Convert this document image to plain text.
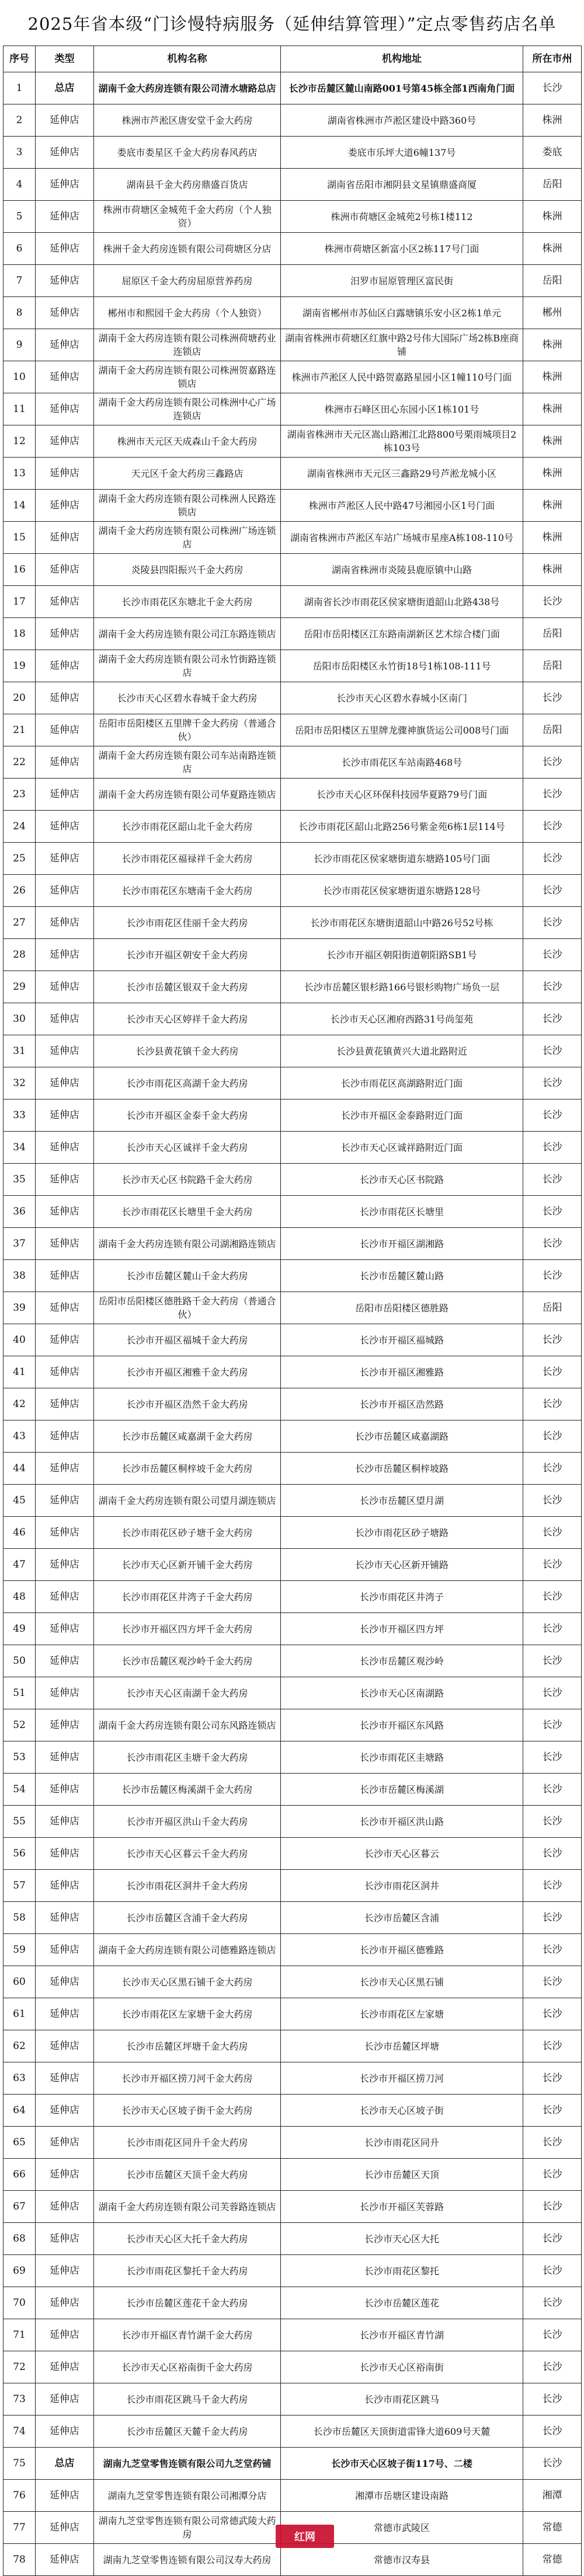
2025年省本级“门诊慢特病服务（延伸结算管理）”定点零售药店名单
序号	类型	机构名称	机构地址	所在市州
1	总店	湖南千金大药房连锁有限公司清水塘路总店	长沙市岳麓区麓山南路001号第45栋全部1西南角门面	长沙
2	延伸店	株洲市芦淞区唐安堂千金大药房	湖南省株洲市芦淞区建设中路360号	株洲
3	延伸店	娄底市娄星区千金大药房春风药店	娄底市乐坪大道6幢137号	娄底
4	延伸店	湖南县千金大药房鼎盛百货店	湖南省岳阳市湘阴县文星镇鼎盛商厦	岳阳
5	延伸店	株洲市荷塘区金城苑千金大药房（个人独资）	株洲市荷塘区金城苑2号栋1楼112	株洲
6	延伸店	株洲千金大药房连锁有限公司荷塘区分店	株洲市荷塘区新富小区2栋117号门面	株洲
7	延伸店	屈原区千金大药房屈原营养药房	汨罗市屈原管理区富民街	岳阳
8	延伸店	郴州市和熙园千金大药房（个人独资）	湖南省郴州市苏仙区白露塘镇乐安小区2栋1单元	郴州
9	延伸店	湖南千金大药房连锁有限公司株洲荷塘药业连锁店	湖南省株洲市荷塘区红旗中路2号伟大国际广场2栋B座商铺	株洲
10	延伸店	湖南千金大药房连锁有限公司株洲贺嘉路连锁店	株洲市芦淞区人民中路贺嘉路星园小区1幢110号门面	株洲
11	延伸店	湖南千金大药房连锁有限公司株洲中心广场连锁店	株洲市石峰区田心东园小区1栋101号	株洲
12	延伸店	株洲市天元区天成森山千金大药房	湖南省株洲市天元区嵩山路湘江北路800号栗雨城项目2栋103号	株洲
13	延伸店	天元区千金大药房三鑫路店	湖南省株洲市天元区三鑫路29号芦淞龙城小区	株洲
14	延伸店	湖南千金大药房连锁有限公司株洲人民路连锁店	株洲市芦淞区人民中路47号湘园小区1号门面	株洲
15	延伸店	湖南千金大药房连锁有限公司株洲广场连锁店	湖南省株洲市芦淞区车站广场城市星座A栋108-110号	株洲
16	延伸店	炎陵县四阳振兴千金大药房	湖南省株洲市炎陵县鹿原镇中山路	株洲
17	延伸店	长沙市雨花区东塘北千金大药房	湖南省长沙市雨花区侯家塘街道韶山北路438号	长沙
18	延伸店	湖南千金大药房连锁有限公司江东路连锁店	岳阳市岳阳楼区江东路南湖新区艺术综合楼门面	岳阳
19	延伸店	湖南千金大药房连锁有限公司永竹街路连锁店	岳阳市岳阳楼区永竹街18号1栋108-111号	岳阳
20	延伸店	长沙市天心区碧水春城千金大药房	长沙市天心区碧水春城小区南门	长沙
21	延伸店	岳阳市岳阳楼区五里牌千金大药房（普通合伙）	岳阳市岳阳楼区五里牌龙骤神旗货运公司008号门面	岳阳
22	延伸店	湖南千金大药房连锁有限公司车站南路连锁店	长沙市雨花区车站南路468号	长沙
23	延伸店	湖南千金大药房连锁有限公司华夏路连锁店	长沙市天心区环保科技园华夏路79号门面	长沙
24	延伸店	长沙市雨花区韶山北千金大药房	长沙市雨花区韶山北路256号紫金苑6栋1层114号	长沙
25	延伸店	长沙市雨花区福禄祥千金大药房	长沙市雨花区侯家塘街道东塘路105号门面	长沙
26	延伸店	长沙市雨花区东塘南千金大药房	长沙市雨花区侯家塘街道东塘路128号	长沙
27	延伸店	长沙市雨花区佳丽千金大药房	长沙市雨花区东塘街道韶山中路26号52号栋	长沙
28	延伸店	长沙市开福区朝安千金大药房	长沙市开福区朝阳街道朝阳路SB1号	长沙
29	延伸店	长沙市岳麓区银双千金大药房	长沙市岳麓区银杉路166号银杉购物广场负一层	长沙
30	延伸店	长沙市天心区婷祥千金大药房	长沙市天心区湘府西路31号尚玺苑	长沙
31	延伸店	长沙县黄花镇千金大药房	长沙县黄花镇黄兴大道北路附近	长沙
32	延伸店	长沙市雨花区高湖千金大药房	长沙市雨花区高湖路附近门面	长沙
33	延伸店	长沙市开福区金泰千金大药房	长沙市开福区金泰路附近门面	长沙
34	延伸店	长沙市天心区诚祥千金大药房	长沙市天心区诚祥路附近门面	长沙
35	延伸店	长沙市天心区书院路千金大药房	长沙市天心区书院路	长沙
36	延伸店	长沙市雨花区长塘里千金大药房	长沙市雨花区长塘里	长沙
37	延伸店	湖南千金大药房连锁有限公司湖湘路连锁店	长沙市开福区湖湘路	长沙
38	延伸店	长沙市岳麓区麓山千金大药房	长沙市岳麓区麓山路	长沙
39	延伸店	岳阳市岳阳楼区德胜路千金大药房（普通合伙）	岳阳市岳阳楼区德胜路	岳阳
40	延伸店	长沙市开福区福城千金大药房	长沙市开福区福城路	长沙
41	延伸店	长沙市开福区湘雅千金大药房	长沙市开福区湘雅路	长沙
42	延伸店	长沙市开福区浩然千金大药房	长沙市开福区浩然路	长沙
43	延伸店	长沙市岳麓区咸嘉湖千金大药房	长沙市岳麓区咸嘉湖路	长沙
44	延伸店	长沙市岳麓区桐梓坡千金大药房	长沙市岳麓区桐梓坡路	长沙
45	延伸店	湖南千金大药房连锁有限公司望月湖连锁店	长沙市岳麓区望月湖	长沙
46	延伸店	长沙市雨花区砂子塘千金大药房	长沙市雨花区砂子塘路	长沙
47	延伸店	长沙市天心区新开铺千金大药房	长沙市天心区新开铺路	长沙
48	延伸店	长沙市雨花区井湾子千金大药房	长沙市雨花区井湾子	长沙
49	延伸店	长沙市开福区四方坪千金大药房	长沙市开福区四方坪	长沙
50	延伸店	长沙市岳麓区观沙岭千金大药房	长沙市岳麓区观沙岭	长沙
51	延伸店	长沙市天心区南湖千金大药房	长沙市天心区南湖路	长沙
52	延伸店	湖南千金大药房连锁有限公司东风路连锁店	长沙市开福区东风路	长沙
53	延伸店	长沙市雨花区圭塘千金大药房	长沙市雨花区圭塘路	长沙
54	延伸店	长沙市岳麓区梅溪湖千金大药房	长沙市岳麓区梅溪湖	长沙
55	延伸店	长沙市开福区洪山千金大药房	长沙市开福区洪山路	长沙
56	延伸店	长沙市天心区暮云千金大药房	长沙市天心区暮云	长沙
57	延伸店	长沙市雨花区洞井千金大药房	长沙市雨花区洞井	长沙
58	延伸店	长沙市岳麓区含浦千金大药房	长沙市岳麓区含浦	长沙
59	延伸店	湖南千金大药房连锁有限公司德雅路连锁店	长沙市开福区德雅路	长沙
60	延伸店	长沙市天心区黑石铺千金大药房	长沙市天心区黑石铺	长沙
61	延伸店	长沙市雨花区左家塘千金大药房	长沙市雨花区左家塘	长沙
62	延伸店	长沙市岳麓区坪塘千金大药房	长沙市岳麓区坪塘	长沙
63	延伸店	长沙市开福区捞刀河千金大药房	长沙市开福区捞刀河	长沙
64	延伸店	长沙市天心区坡子街千金大药房	长沙市天心区坡子街	长沙
65	延伸店	长沙市雨花区同升千金大药房	长沙市雨花区同升	长沙
66	延伸店	长沙市岳麓区天顶千金大药房	长沙市岳麓区天顶	长沙
67	延伸店	湖南千金大药房连锁有限公司芙蓉路连锁店	长沙市开福区芙蓉路	长沙
68	延伸店	长沙市天心区大托千金大药房	长沙市天心区大托	长沙
69	延伸店	长沙市雨花区黎托千金大药房	长沙市雨花区黎托	长沙
70	延伸店	长沙市岳麓区莲花千金大药房	长沙市岳麓区莲花	长沙
71	延伸店	长沙市开福区青竹湖千金大药房	长沙市开福区青竹湖	长沙
72	延伸店	长沙市天心区裕南街千金大药房	长沙市天心区裕南街	长沙
73	延伸店	长沙市雨花区跳马千金大药房	长沙市雨花区跳马	长沙
74	延伸店	长沙市岳麓区天麓千金大药房	长沙市岳麓区天顶街道雷锋大道609号天麓	长沙
75	总店	湖南九芝堂零售连锁有限公司九芝堂药铺	长沙市天心区坡子街117号、二楼	长沙
76	延伸店	湖南九芝堂零售连锁有限公司湘潭分店	湘潭市岳塘区建设南路	湘潭
77	延伸店	湖南九芝堂零售连锁有限公司常德武陵大药房	常德市武陵区	常德
78	延伸店	湖南九芝堂零售连锁有限公司汉寿大药房	常德市汉寿县	常德
红网
